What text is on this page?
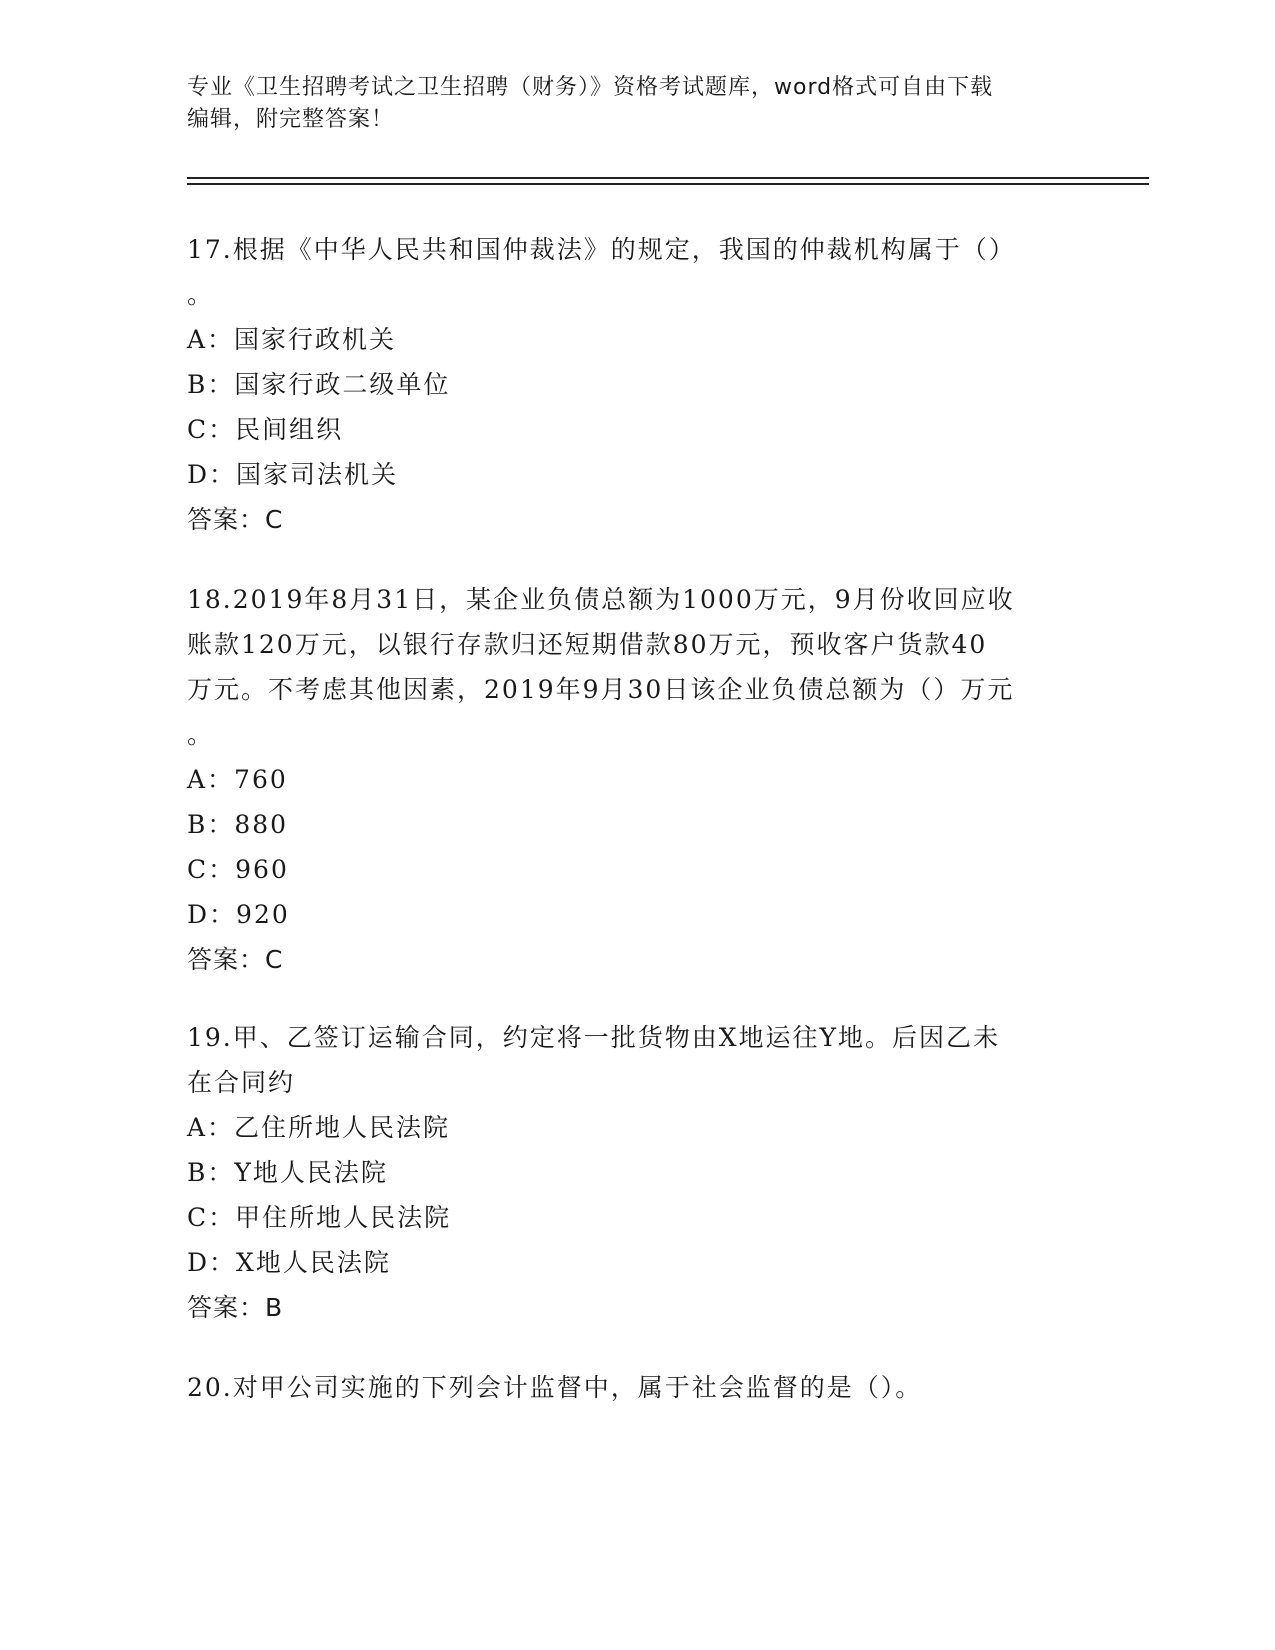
专业《卫生招聘考试之卫生招聘（财务）》资格考试题库，word格式可自由下载
编辑，附完整答案！
17.根据《中华人民共和国仲裁法》的规定，我国的仲裁机构属于（）
。
A：国家行政机关
B：国家行政二级单位
C：民间组织
D：国家司法机关
答案：C
18.2019年8月31日，某企业负债总额为1000万元，9月份收回应收
账款120万元，以银行存款归还短期借款80万元，预收客户货款40
万元。不考虑其他因素，2019年9月30日该企业负债总额为（）万元
。
A：760
B：880
C：960
D：920
答案：C
19.甲、乙签订运输合同，约定将一批货物由X地运往Y地。后因乙未
在合同约
A：乙住所地人民法院
B：Y地人民法院
C：甲住所地人民法院
D：X地人民法院
答案：B
20.对甲公司实施的下列会计监督中，属于社会监督的是（）。
